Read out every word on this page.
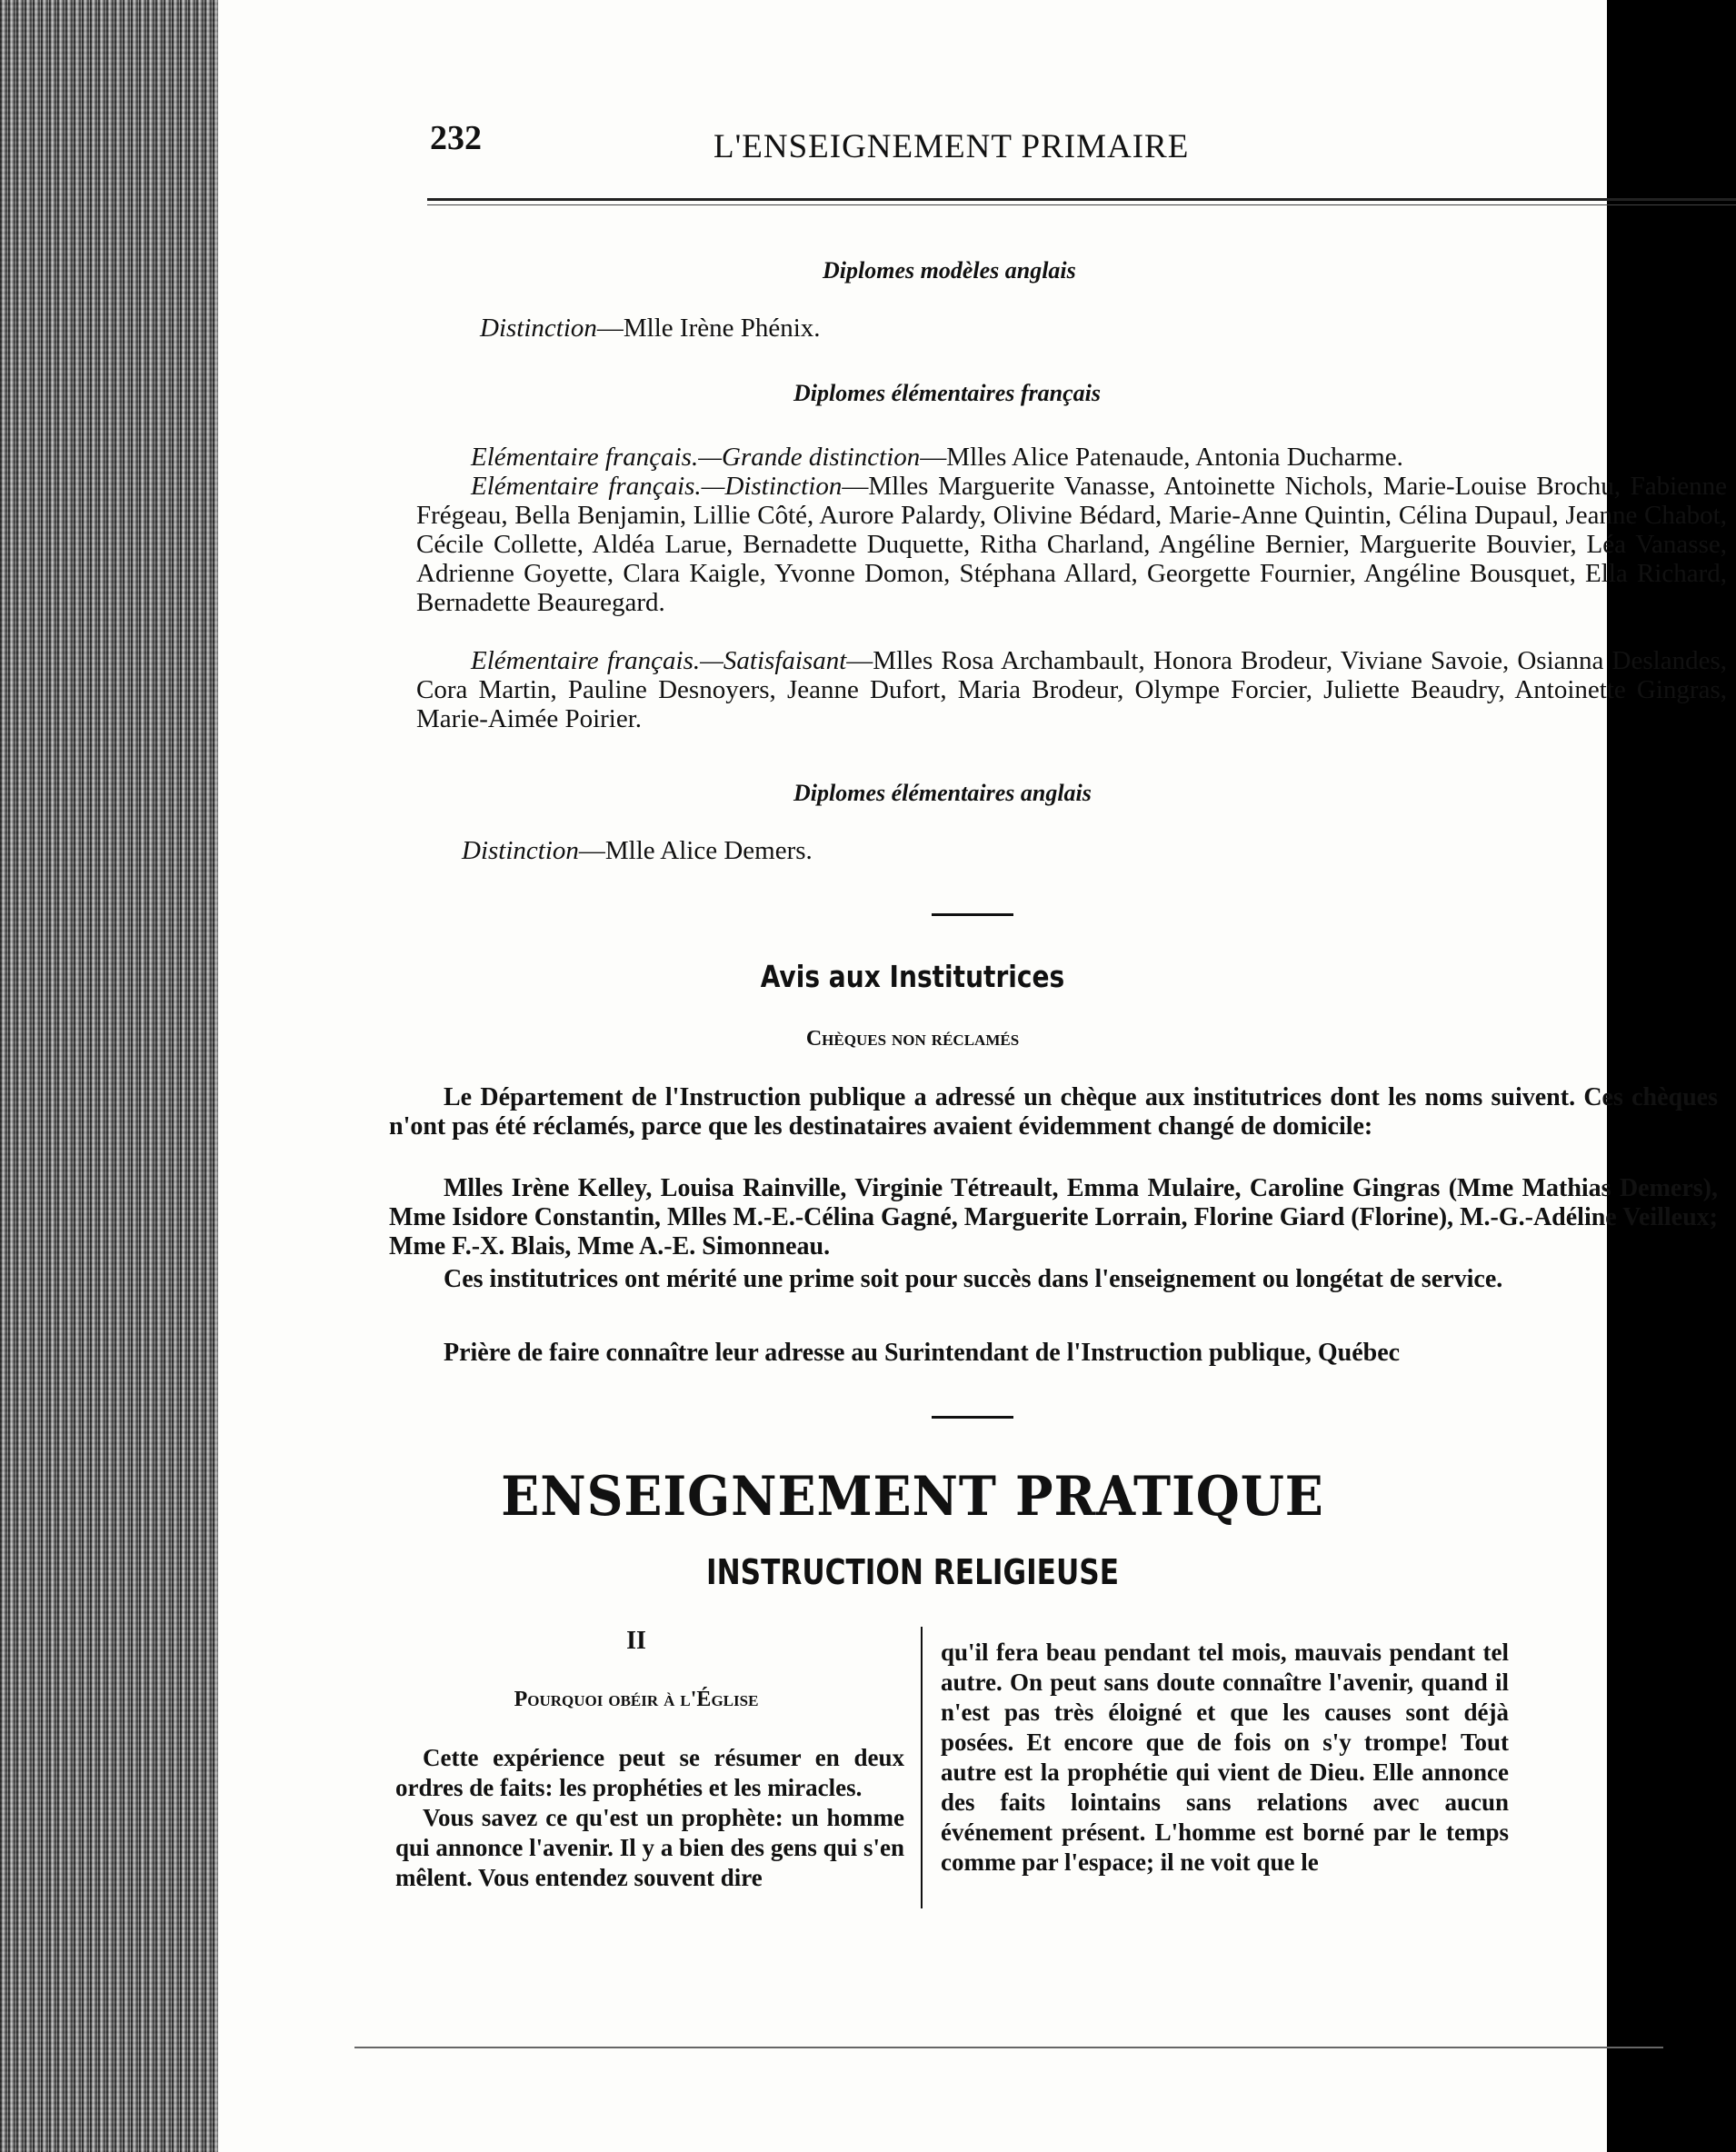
232	L'ENSEIGNEMENT PRIMAIRE
Diplomes modèles anglais
Distinction—Mlle Irène Phénix.
Diplomes élémentaires français
Elémentaire français.—Grande distinction—Mlles Alice Patenaude, Antonia Ducharme.
Elémentaire français.—Distinction—Mlles Marguerite Vanasse, Antoinette Nichols, Marie-Louise Brochu, Fabienne Frégeau, Bella Benjamin, Lillie Côté, Aurore Palardy, Olivine Bédard, Marie-Anne Quintin, Célina Dupaul, Jeanne Chabot, Cécile Collette, Aldéa Larue, Bernadette Duquette, Ritha Charland, Angéline Bernier, Marguerite Bouvier, Léa Vanasse, Adrienne Goyette, Clara Kaigle, Yvonne Domon, Stéphana Allard, Georgette Fournier, Angéline Bousquet, Ella Richard, Bernadette Beauregard.
Elémentaire français.—Satisfaisant—Mlles Rosa Archambault, Honora Brodeur, Viviane Savoie, Osianna Deslandes, Cora Martin, Pauline Desnoyers, Jeanne Dufort, Maria Brodeur, Olympe Forcier, Juliette Beaudry, Antoinette Gingras, Marie-Aimée Poirier.
Diplomes élémentaires anglais
Distinction—Mlle Alice Demers.
Avis aux Institutrices
Chèques non réclamés
Le Département de l'Instruction publique a adressé un chèque aux institutrices dont les noms suivent. Ces chèques n'ont pas été réclamés, parce que les destinataires avaient évidemment changé de domicile:
Mlles Irène Kelley, Louisa Rainville, Virginie Tétreault, Emma Mulaire, Caroline Gingras (Mme Mathias Demers), Mme Isidore Constantin, Mlles M.-E.-Célina Gagné, Marguerite Lorrain, Florine Giard (Florine), M.-G.-Adéline Veilleux; Mme F.-X. Blais, Mme A.-E. Simonneau.
Ces institutrices ont mérité une prime soit pour succès dans l'enseignement ou longétat de service.
Prière de faire connaître leur adresse au Surintendant de l'Instruction publique, Québec
ENSEIGNEMENT PRATIQUE
INSTRUCTION RELIGIEUSE
II
Pourquoi obéir à l'Église
Cette expérience peut se résumer en deux ordres de faits: les prophéties et les miracles.
Vous savez ce qu'est un prophète: un homme qui annonce l'avenir. Il y a bien des gens qui s'en mêlent. Vous entendez souvent dire
qu'il fera beau pendant tel mois, mauvais pendant tel autre. On peut sans doute connaître l'avenir, quand il n'est pas très éloigné et que les causes sont déjà posées. Et encore que de fois on s'y trompe! Tout autre est la prophétie qui vient de Dieu. Elle annonce des faits lointains sans relations avec aucun événement présent. L'homme est borné par le temps comme par l'espace; il ne voit que le
